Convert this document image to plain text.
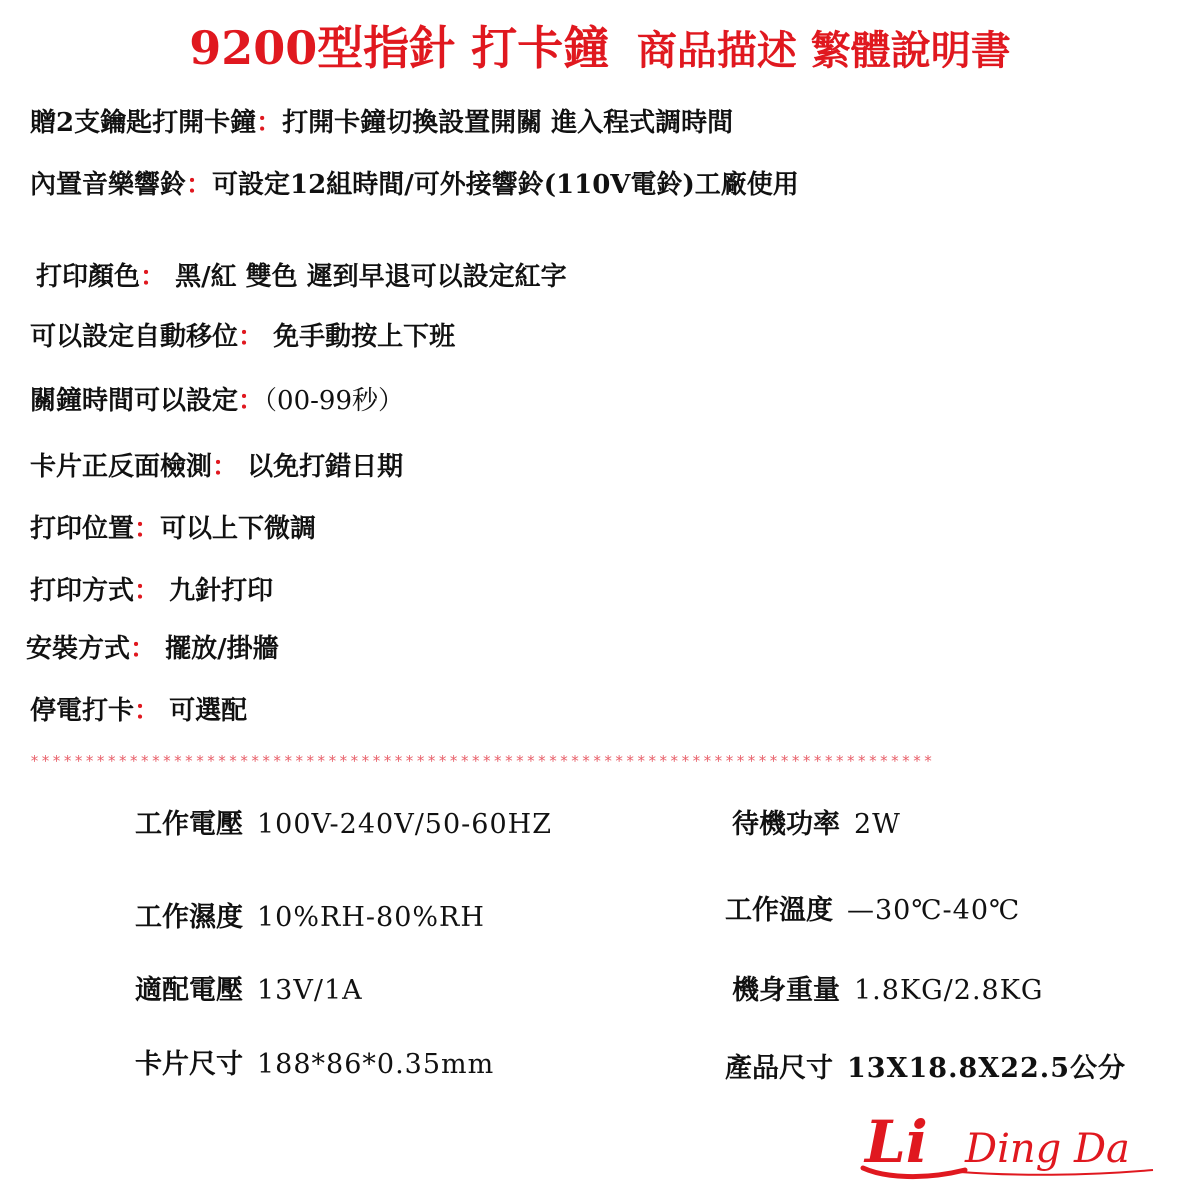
9200型指針 打卡鐘 商品描述 繁體說明書
贈2支鑰匙打開卡鐘：打開卡鐘切換設置開關 進入程式調時間
內置音樂響鈴：可設定12組時間/可外接響鈴(110V電鈴)工廠使用
打印顏色： 黑/紅 雙色 遲到早退可以設定紅字
可以設定自動移位： 免手動按上下班
關鐘時間可以設定：（00-99秒）
卡片正反面檢測： 以免打錯日期
打印位置：可以上下微調
打印方式： 九針打印
安裝方式： 擺放/掛牆
停電打卡： 可選配
**********************************************************************************
工作電壓 100V-240V/50-60HZ
工作濕度 10%RH-80%RH
適配電壓 13V/1A
卡片尺寸 188*86*0.35mm
待機功率 2W
工作溫度 —30℃-40℃
機身重量 1.8KG/2.8KG
產品尺寸 13X18.8X22.5公分
Li Ding Da
